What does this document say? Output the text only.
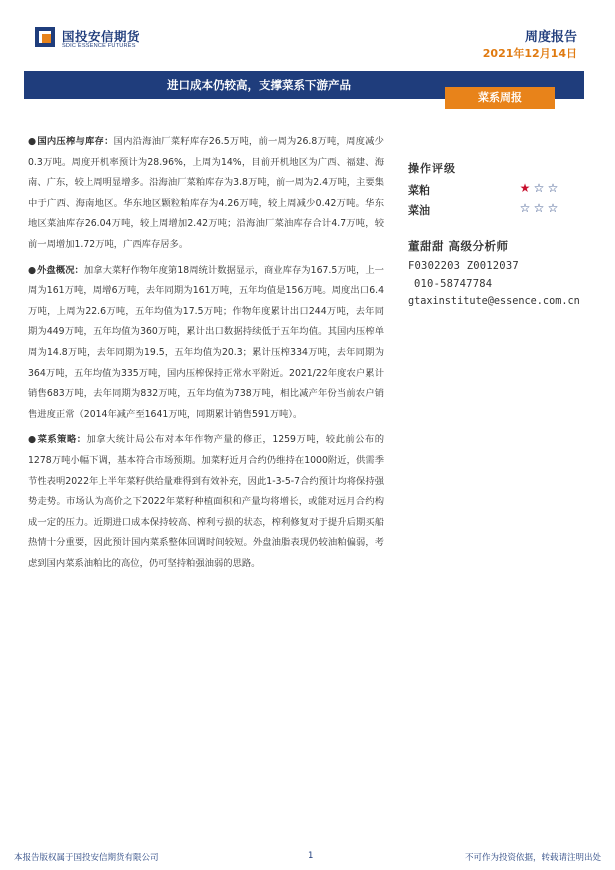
国投安信期货
SDIC ESSENCE FUTURES
周度报告
2021年12月14日
进口成本仍较高，支撑菜系下游产品
菜系周报

●国内压榨与库存：国内沿海油厂菜籽库存26.5万吨，前一周为26.8万吨，周度减少0.3万吨。周度开机率预计为28.96%，上周为14%，目前开机地区为广西、福建、海南、广东，较上周明显增多。沿海油厂菜粕库存为3.8万吨，前一周为2.4万吨，主要集中于广西、海南地区。华东地区颗粒粕库存为4.26万吨，较上周减少0.42万吨。华东地区菜油库存26.04万吨，较上周增加2.42万吨；沿海油厂菜油库存合计4.7万吨，较前一周增加1.72万吨，广西库存居多。

●外盘概况：加拿大菜籽作物年度第18周统计数据显示，商业库存为167.5万吨，上一周为161万吨，周增6万吨，去年同期为161万吨，五年均值是156万吨。周度出口6.4万吨，上周为22.6万吨，五年均值为17.5万吨；作物年度累计出口244万吨，去年同期为449万吨，五年均值为360万吨，累计出口数据持续低于五年均值。其国内压榨单周为14.8万吨，去年同期为19.5，五年均值为20.3；累计压榨334万吨，去年同期为364万吨，五年均值为335万吨，国内压榨保持正常水平附近。2021/22年度农户累计销售683万吨，去年同期为832万吨，五年均值为738万吨，相比减产年份当前农户销售进度正常（2014年减产至1641万吨，同期累计销售591万吨）。

●菜系策略：加拿大统计局公布对本年作物产量的修正，1259万吨，较此前公布的1278万吨小幅下调，基本符合市场预期。加菜籽近月合约仍维持在1000附近，供需季节性表明2022年上半年菜籽供给量难得到有效补充，因此1-3-5-7合约预计均将保持强势走势。市场认为高价之下2022年菜籽种植面积和产量均将增长，或能对远月合约构成一定的压力。近期进口成本保持较高、榨利亏损的状态，榨利修复对于提升后期买船热情十分重要，因此预计国内菜系整体回调时间较短。外盘油脂表现仍较油粕偏弱，考虑到国内菜系油粕比的高位，仍可坚持粕强油弱的思路。

操作评级
菜粕	★ ☆ ☆
菜油	☆ ☆ ☆
董甜甜 高级分析师
F0302203 Z0012037
010-58747784
gtaxinstitute@essence.com.cn
本报告版权属于国投安信期货有限公司	1	不可作为投资依据，转载请注明出处
